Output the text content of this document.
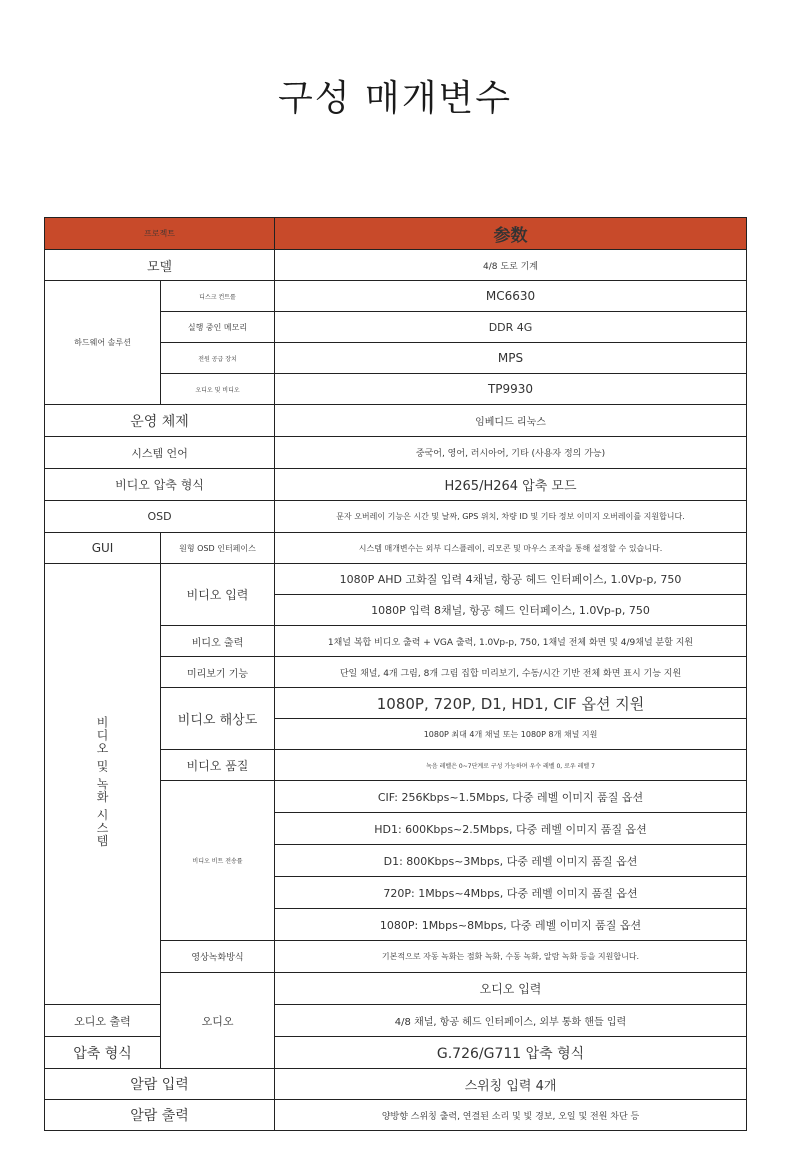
구성 매개변수
프로젝트		参数	
모델		4/8 도로 기계	
하드웨어 솔루션	디스크 컨트롤	MC6630	
	실행 중인 메모리	DDR 4G	
	전원 공급 장치	MPS	
	오디오 및 비디오	TP9930	
운영 체제		임베디드 리눅스	
시스템 언어		중국어, 영어, 러시아어, 기타 (사용자 정의 가능)	
비디오 압축 형식		H265/H264 압축 모드	
OSD		문자 오버레이 기능은 시간 및 날짜, GPS 위치, 차량 ID 및 기타 정보 이미지 오버레이를 지원합니다.	
GUI	원형 OSD 인터페이스	시스템 매개변수는 외부 디스플레이, 리모콘 및 마우스 조작을 통해 설정할 수 있습니다.	
비디오 및 녹화 시스템	비디오 입력	1080P AHD 고화질 입력 4채널, 항공 헤드 인터페이스, 1.0Vp-p, 750	
		1080P 입력 8채널, 항공 헤드 인터페이스, 1.0Vp-p, 750	
	비디오 출력	1채널 복합 비디오 출력 + VGA 출력, 1.0Vp-p, 750, 1채널 전체 화면 및 4/9채널 분할 지원	
	미리보기 기능	단일 채널, 4개 그림, 8개 그림 집합 미리보기, 수동/시간 기반 전체 화면 표시 기능 지원	
	비디오 해상도	1080P, 720P, D1, HD1, CIF 옵션 지원	
		1080P 최대 4개 채널 또는 1080P 8개 채널 지원	
	비디오 품질	녹음 레벨은 0~7단계로 구성 가능하며 우수 레벨 0, 로우 레벨 7	
	비디오 비트 전송률	CIF: 256Kbps~1.5Mbps, 다중 레벨 이미지 품질 옵션	
		HD1: 600Kbps~2.5Mbps, 다중 레벨 이미지 품질 옵션	
		D1: 800Kbps~3Mbps, 다중 레벨 이미지 품질 옵션	
		720P: 1Mbps~4Mbps, 다중 레벨 이미지 품질 옵션	
		1080P: 1Mbps~8Mbps, 다중 레벨 이미지 품질 옵션	
	영상녹화방식	기본적으로 자동 녹화는 점화 녹화, 수동 녹화, 알람 녹화 등을 지원합니다.	
	오디오	오디오 입력	
오디오 출력		4/8 채널, 항공 헤드 인터페이스, 외부 통화 핸들 입력	
압축 형식		G.726/G711 압축 형식	
알람 입력		스위칭 입력 4개	
알람 출력		양방향 스위칭 출력, 연결된 소리 및 빛 경보, 오일 및 전원 차단 등	
